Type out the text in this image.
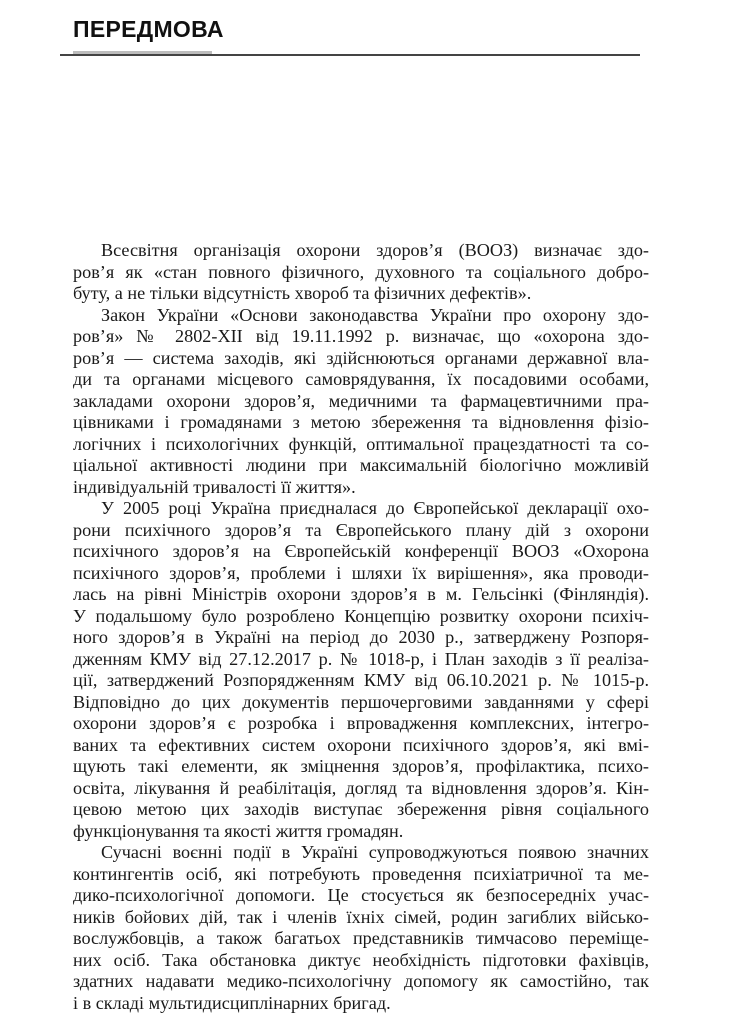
ПЕРЕДМОВА
Всесвітня організація охорони здоров’я (ВООЗ) визначає здо-
ров’я як «стан повного фізичного, духовного та соціального добро-
буту, а не тільки відсутність хвороб та фізичних дефектів».
Закон України «Основи законодавства України про охорону здо-
ров’я» № 2802-XII від 19.11.1992 р. визначає, що «охорона здо-
ров’я — система заходів, які здійснюються органами державної вла-
ди та органами місцевого самоврядування, їх посадовими особами,
закладами охорони здоров’я, медичними та фармацевтичними пра-
цівниками і громадянами з метою збереження та відновлення фізіо-
логічних і психологічних функцій, оптимальної працездатності та со-
ціальної активності людини при максимальній біологічно можливій
індивідуальній тривалості її життя».
У 2005 році Україна приєдналася до Європейської декларації охо-
рони психічного здоров’я та Європейського плану дій з охорони
психічного здоров’я на Європейській конференції ВООЗ «Охорона
психічного здоров’я, проблеми і шляхи їх вирішення», яка проводи-
лась на рівні Міністрів охорони здоров’я в м. Гельсінкі (Фінляндія).
У подальшому було розроблено Концепцію розвитку охорони психіч-
ного здоров’я в Україні на період до 2030 р., затверджену Розпоря-
дженням КМУ від 27.12.2017 р. № 1018-р, і План заходів з її реаліза-
ції, затверджений Розпорядженням КМУ від 06.10.2021 р. № 1015-р.
Відповідно до цих документів першочерговими завданнями у сфері
охорони здоров’я є розробка і впровадження комплексних, інтегро-
ваних та ефективних систем охорони психічного здоров’я, які вмі-
щують такі елементи, як зміцнення здоров’я, профілактика, психо-
освіта, лікування й реабілітація, догляд та відновлення здоров’я. Кін-
цевою метою цих заходів виступає збереження рівня соціального
функціонування та якості життя громадян.
Сучасні воєнні події в Україні супроводжуються появою значних
контингентів осіб, які потребують проведення психіатричної та ме-
дико-психологічної допомоги. Це стосується як безпосередніх учас-
ників бойових дій, так і членів їхніх сімей, родин загиблих військо-
вослужбовців, а також багатьох представників тимчасово переміще-
них осіб. Така обстановка диктує необхідність підготовки фахівців,
здатних надавати медико-психологічну допомогу як самостійно, так
і в складі мультидисциплінарних бригад.
